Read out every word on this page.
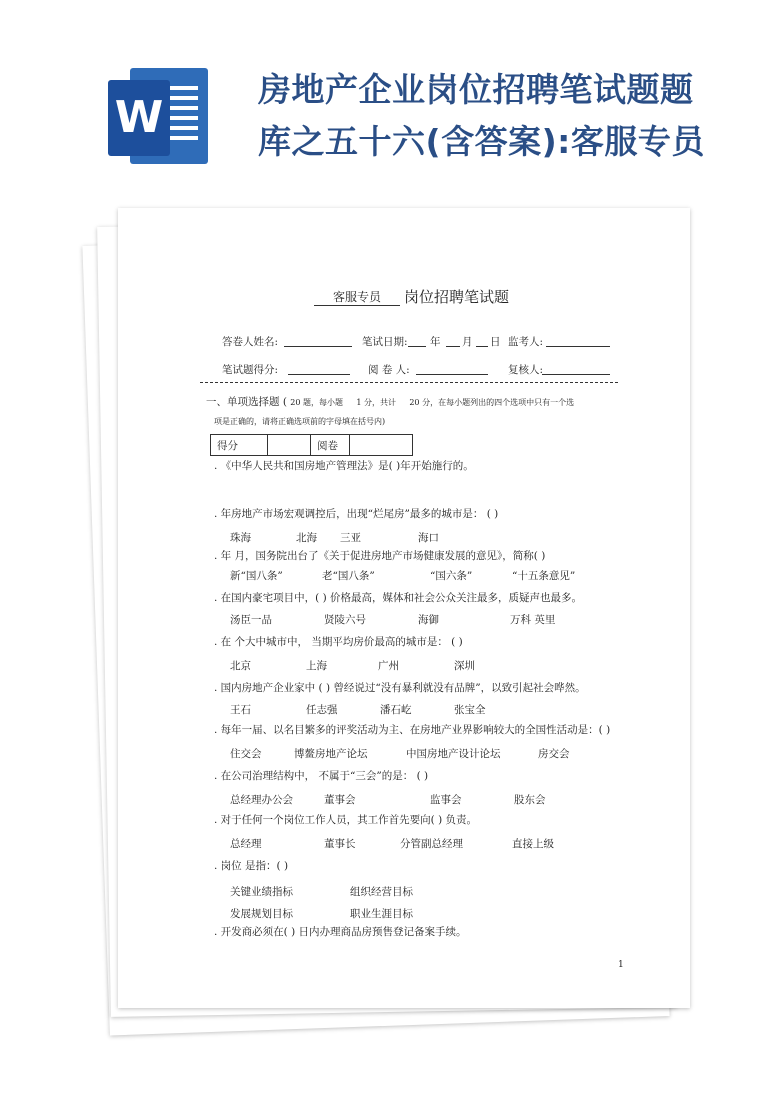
W
房地产企业岗位招聘笔试题题
库之五十六(含答案):客服专员
客服专员	岗位招聘笔试题
答卷人姓名:	笔试日期: 年 月 日 监考人:
笔试题得分:	阅 卷 人:	复核人:
一、单项选择题 ( 20 题，每小题 1 分，共计 20 分，在每小题列出的四个选项中只有一个选
项是正确的，请将正确选项前的字母填在括号内)
得分		阅卷	
. 《中华人民共和国房地产管理法》是( )年开始施行的。
. 年房地产市场宏观调控后，出现“烂尾房”最多的城市是： ( )
珠海	北海 三亚	海口
. 年 月，国务院出台了《关于促进房地产市场健康发展的意见》，简称( )
新“国八条”	老“国八条”	“国六条”	“十五条意见”
. 在国内豪宅项目中，( ) 价格最高，媒体和社会公众关注最多，质疑声也最多。
汤臣一品	贤陵六号	海御	万科 英里
. 在 个大中城市中， 当期平均房价最高的城市是： ( )
北京	上海	广州	深圳
. 国内房地产企业家中 ( ) 曾经说过“没有暴利就没有品牌”，以致引起社会哗然。
王石	任志强	潘石屹	张宝全
. 每年一届、以名目繁多的评奖活动为主、在房地产业界影响较大的全国性活动是：( )
住交会	博鳌房地产论坛	中国房地产设计论坛	房交会
. 在公司治理结构中， 不属于“三会”的是： ( )
总经理办公会	董事会	监事会	股东会
. 对于任何一个岗位工作人员，其工作首先要向( ) 负责。
总经理	董事长	分管副总经理	直接上级
. 岗位 是指：( )
关键业绩指标	组织经营目标
发展规划目标	职业生涯目标
. 开发商必须在( ) 日内办理商品房预售登记备案手续。
1
